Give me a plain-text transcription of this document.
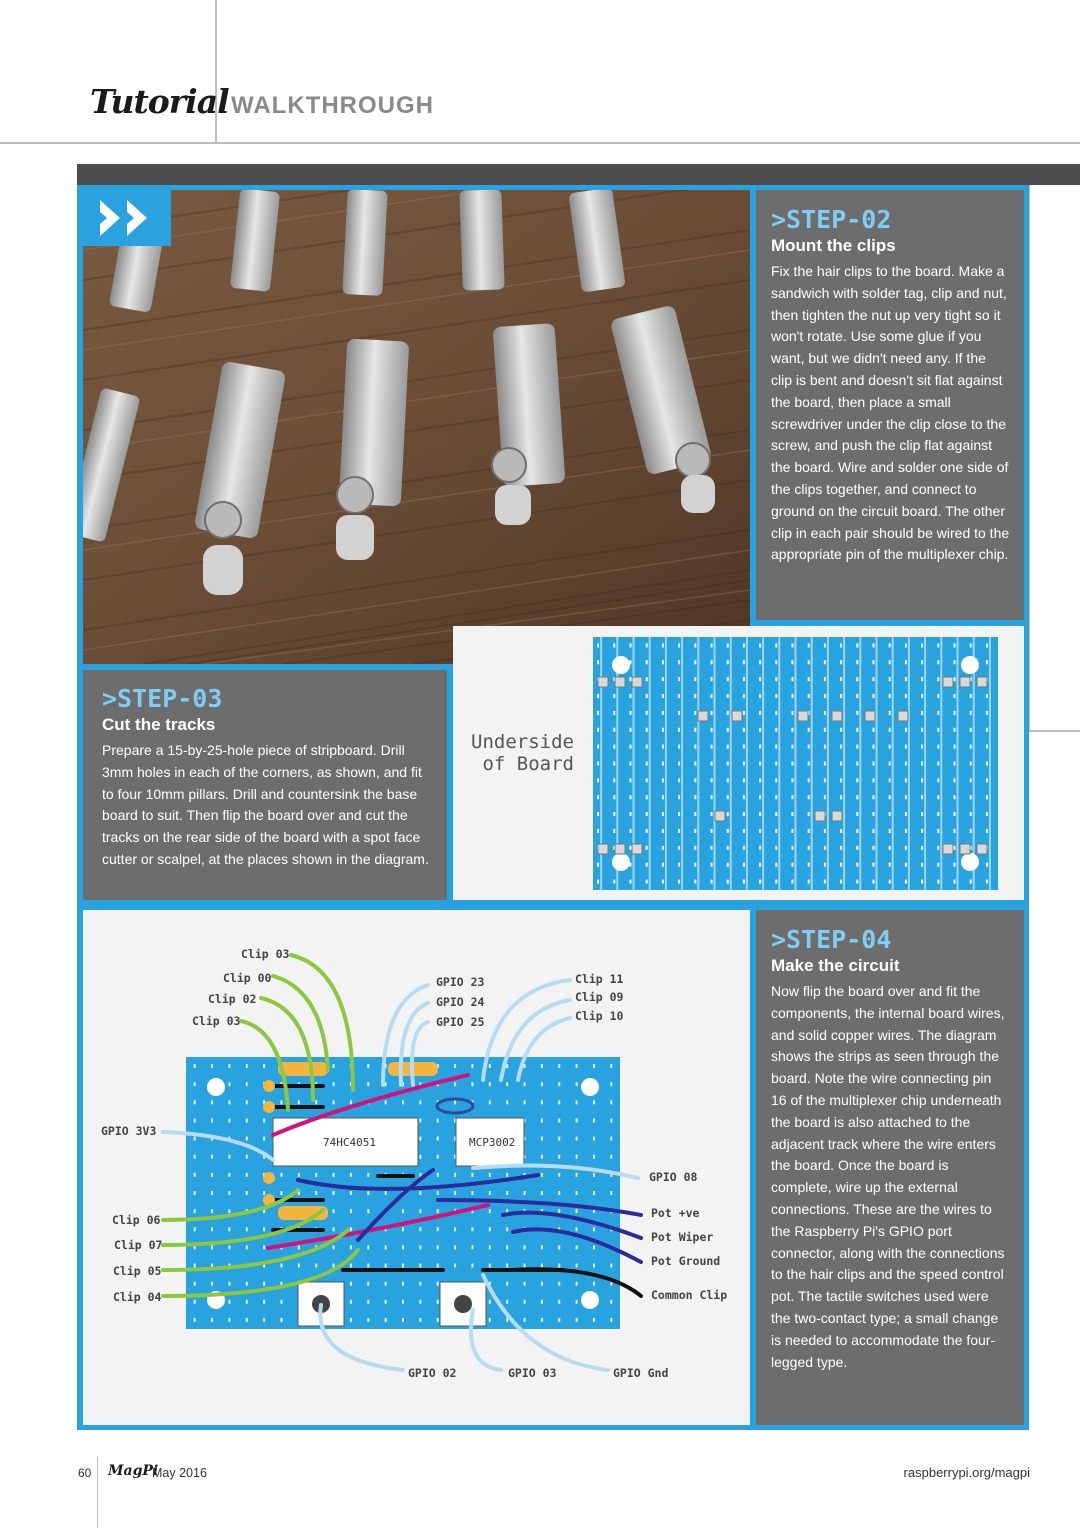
Tutorial WALKTHROUGH
>STEP-02
Mount the clips
Fix the hair clips to the board. Make a sandwich with solder tag, clip and nut, then tighten the nut up very tight so it won't rotate. Use some glue if you want, but we didn't need any. If the clip is bent and doesn't sit flat against the board, then place a small screwdriver under the clip close to the screw, and push the clip flat against the board. Wire and solder one side of the clips together, and connect to ground on the circuit board. The other clip in each pair should be wired to the appropriate pin of the multiplexer chip.
>STEP-03
Cut the tracks
Prepare a 15-by-25-hole piece of stripboard. Drill 3mm holes in each of the corners, as shown, and fit to four 10mm pillars. Drill and countersink the base board to suit. Then flip the board over and cut the tracks on the rear side of the board with a spot face cutter or scalpel, at the places shown in the diagram.
Underside
of Board
>STEP-04
Make the circuit
Now flip the board over and fit the components, the internal board wires, and solid copper wires. The diagram shows the strips as seen through the board. Note the wire connecting pin 16 of the multiplexer chip underneath the board is also attached to the adjacent track where the wire enters the board. Once the board is complete, wire up the external connections. These are the wires to the Raspberry Pi's GPIO port connector, along with the connections to the hair clips and the speed control pot. The tactile switches used were the two-contact type; a small change is needed to accommodate the four-legged type.
74HC4051	MCP3002
Clip 03
Clip 00
Clip 02
Clip 03
GPIO 23
GPIO 24
GPIO 25
Clip 11
Clip 09
Clip 10
GPIO 3V3
GPIO 08
Pot +ve
Pot Wiper
Pot Ground
Common Clip
Clip 06
Clip 07
Clip 05
Clip 04
GPIO 02	GPIO 03	GPIO Gnd
60 MagPi
May 2016	raspberrypi.org/magpi
